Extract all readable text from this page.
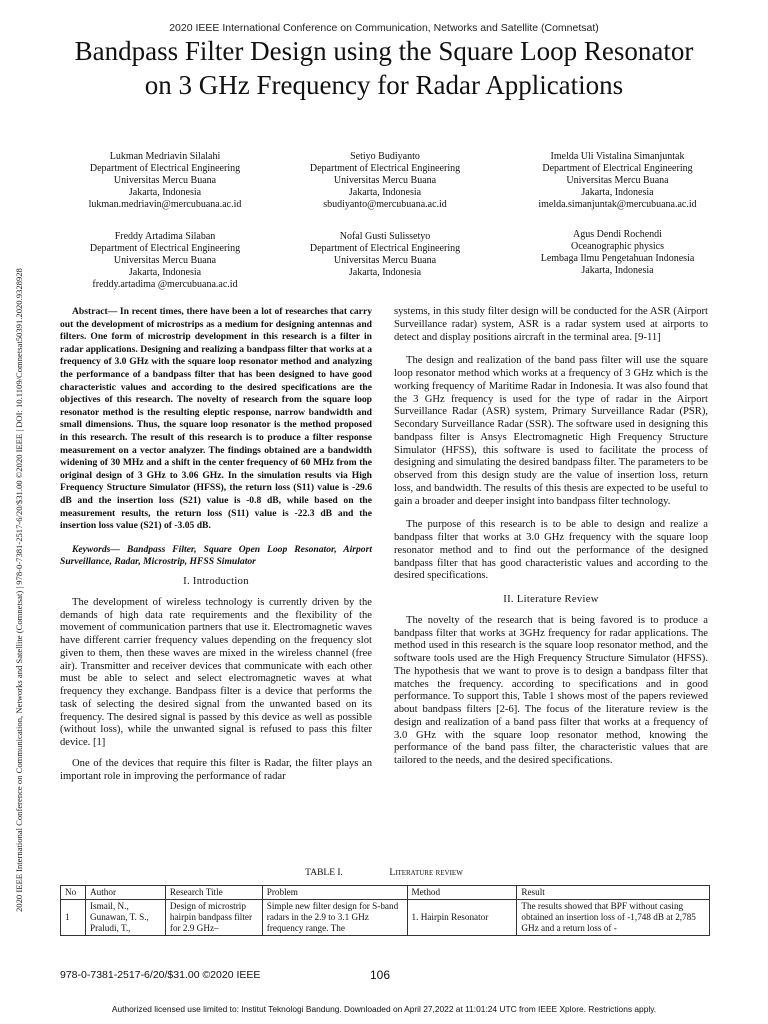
2020 IEEE International Conference on Communication, Networks and Satellite (Comnetsat)
Bandpass Filter Design using the Square Loop Resonator on 3 GHz Frequency for Radar Applications
2020 IEEE International Conference on Communication, Networks and Satellite (Comnetsat) | 978-0-7381-2517-6/20/$31.00 ©2020 IEEE | DOI: 10.1109/Comnetsat50391.2020.9328928
Lukman Medriavin Silalahi
Department of Electrical Engineering
Universitas Mercu Buana
Jakarta, Indonesia
lukman.medriavin@mercubuana.ac.id
Setiyo Budiyanto
Department of Electrical Engineering
Universitas Mercu Buana
Jakarta, Indonesia
sbudiyanto@mercubuana.ac.id
Imelda Uli Vistalina Simanjuntak
Department of Electrical Engineering
Universitas Mercu Buana
Jakarta, Indonesia
imelda.simanjuntak@mercubuana.ac.id
Freddy Artadima Silaban
Department of Electrical Engineering
Universitas Mercu Buana
Jakarta, Indonesia
freddy.artadima @mercubuana.ac.id
Nofal Gusti Sulissetyo
Department of Electrical Engineering
Universitas Mercu Buana
Jakarta, Indonesia
Agus Dendi Rochendi
Oceanographic physics
Lembaga Ilmu Pengetahuan Indonesia
Jakarta, Indonesia

Abstract— In recent times, there have been a lot of researches that carry out the development of microstrips as a medium for designing antennas and filters. One form of microstrip development in this research is a filter in radar applications. Designing and realizing a bandpass filter that works at a frequency of 3.0 GHz with the square loop resonator method and analyzing the performance of a bandpass filter that has been designed to have good characteristic values and according to the desired specifications are the objectives of this research. The novelty of research from the square loop resonator method is the resulting eleptic response, narrow bandwidth and small dimensions. Thus, the square loop resonator is the method proposed in this research. The result of this research is to produce a filter response measurement on a vector analyzer. The findings obtained are a bandwidth widening of 30 MHz and a shift in the center frequency of 60 MHz from the original design of 3 GHz to 3.06 GHz. In the simulation results via High Frequency Structure Simulator (HFSS), the return loss (S11) value is -29.6 dB and the insertion loss (S21) value is -0.8 dB, while based on the measurement results, the return loss (S11) value is -22.3 dB and the insertion loss value (S21) of -3.05 dB.

Keywords— Bandpass Filter, Square Open Loop Resonator, Airport Surveillance, Radar, Microstrip, HFSS Simulator

I. Introduction

The development of wireless technology is currently driven by the demands of high data rate requirements and the flexibility of the movement of communication partners that use it. Electromagnetic waves have different carrier frequency values depending on the frequency slot given to them, then these waves are mixed in the wireless channel (free air). Transmitter and receiver devices that communicate with each other must be able to select and select electromagnetic waves at what frequency they exchange. Bandpass filter is a device that performs the task of selecting the desired signal from the unwanted based on its frequency. The desired signal is passed by this device as well as possible (without loss), while the unwanted signal is refused to pass this filter device. [1]

One of the devices that require this filter is Radar, the filter plays an important role in improving the performance of radar

systems, in this study filter design will be conducted for the ASR (Airport Surveillance radar) system, ASR is a radar system used at airports to detect and display positions aircraft in the terminal area. [9-11]

The design and realization of the band pass filter will use the square loop resonator method which works at a frequency of 3 GHz which is the working frequency of Maritime Radar in Indonesia. It was also found that the 3 GHz frequency is used for the type of radar in the Airport Surveillance Radar (ASR) system, Primary Surveillance Radar (PSR), Secondary Surveillance Radar (SSR). The software used in designing this bandpass filter is Ansys Electromagnetic High Frequency Structure Simulator (HFSS), this software is used to facilitate the process of designing and simulating the desired bandpass filter. The parameters to be observed from this design study are the value of insertion loss, return loss, and bandwidth. The results of this thesis are expected to be useful to gain a broader and deeper insight into bandpass filter technology.

The purpose of this research is to be able to design and realize a bandpass filter that works at 3.0 GHz frequency with the square loop resonator method and to find out the performance of the designed bandpass filter that has good characteristic values and according to the desired specifications.

II. Literature Review

The novelty of the research that is being favored is to produce a bandpass filter that works at 3GHz frequency for radar applications. The method used in this research is the square loop resonator method, and the software tools used are the High Frequency Structure Simulator (HFSS). The hypothesis that we want to prove is to design a bandpass filter that matches the frequency. according to specifications and in good performance. To support this, Table 1 shows most of the papers reviewed about bandpass filters [2-6]. The focus of the literature review is the design and realization of a band pass filter that works at a frequency of 3.0 GHz with the square loop resonator method, knowing the performance of the band pass filter, the characteristic values that are tailored to the needs, and the desired specifications.

TABLE I.	Literature review
No	Author	Research Title	Problem	Method	Result
1	Ismail, N., Gunawan, T. S., Praludi, T.,	Design of microstrip hairpin bandpass filter for 2.9 GHz–	Simple new filter design for S-band radars in the 2.9 to 3.1 GHz frequency range. The	1. Hairpin Resonator	The results showed that BPF without casing obtained an insertion loss of -1,748 dB at 2,785 GHz and a return loss of -
978-0-7381-2517-6/20/$31.00 ©2020 IEEE	106
Authorized licensed use limited to: Institut Teknologi Bandung. Downloaded on April 27,2022 at 11:01:24 UTC from IEEE Xplore. Restrictions apply.
